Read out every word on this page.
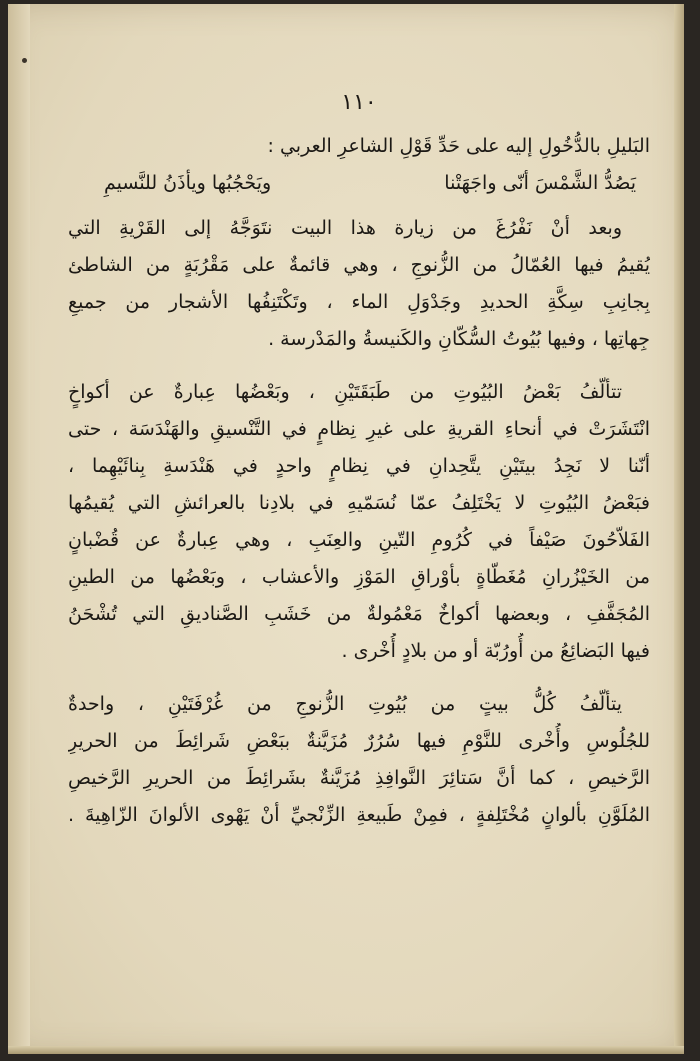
١١٠
البَليلِ بالدُّخُولِ إليه على حَدِّ قَوْلِ الشاعرِ العربي :
يَصُدُّ الشَّمْسَ أنّى واجَهَتْنا
ويَحْجُبُها ويأذَنُ للنَّسيمِ
وبعد أنْ نَفْرُغَ من زيارة هذا البيت نتَوَجَّهُ إلى القَرْيةِ التي
يُقيمُ فيها العُمّالُ من الزُّنوجِ ، وهي قائمةٌ على مَقْرُبَةٍ من الشاطئ
بِجانِبِ سِكَّةِ الحديدِ وجَدْوَلِ الماء ، وتَكْتَنِفُها الأشجار من جميعِ
جِهاتِها ، وفيها بُيُوتُ السُّكّانِ والكَنيسةُ والمَدْرسة .
تتألّفُ بَعْضُ البُيُوتِ من طَبَقَتَيْنِ ، وبَعْضُها عِبارةٌ عن أكواخٍ
انْتَشَرَتْ في أنحاءِ القريةِ على غيرِ نِظامٍ في التَّنْسيقِ والهَنْدَسَة ، حتى
أنّنا لا نَجِدُ بيتَيْنِ يتَّحِدانِ في نِظامٍ واحدٍ في هَنْدَسةِ بِنائَيْهِما ،
فبَعْضُ البُيُوتِ لا يَخْتَلِفُ عمّا نُسَمّيهِ في بلادِنا بالعرائشِ التي يُقيمُها
الفَلاّحُونَ صَيْفاً في كُرُومِ التّينِ والعِنَبِ ، وهي عِبارةٌ عن قُضْبانٍ
من الخَيْزُرانِ مُغَطّاةٍ بأوْراقِ المَوْزِ والأعشاب ، وبَعْضُها من الطينِ
المُجَفَّفِ ، وبعضها أكواخٌ مَعْمُولةٌ من خَشَبِ الصَّناديقِ التي تُشْحَنُ
فيها البَضائِعُ من أُورُبّة أو من بلادٍ أُخْرى .
يتألّفُ كُلُّ بيتٍ من بُيُوتِ الزُّنوجِ من غُرْفَتَيْنِ ، واحدةٌ
للجُلُوسِ وأُخْرى للنَّوْمِ فيها سُرُرٌ مُزَيَّنةٌ ببَعْضِ شَرائِطَ من الحريرِ
الرَّخيصِ ، كما أنَّ سَتائِرَ النَّوافِذِ مُزَيَّنةٌ بشَرائِطَ من الحريرِ الرَّخيصِ
المُلَوَّنِ بألوانٍ مُخْتَلِفةٍ ، فمِنْ طَبيعةِ الزِّنْجيِّ أنْ يَهْوى الألوانَ الزّاهِيةَ .
